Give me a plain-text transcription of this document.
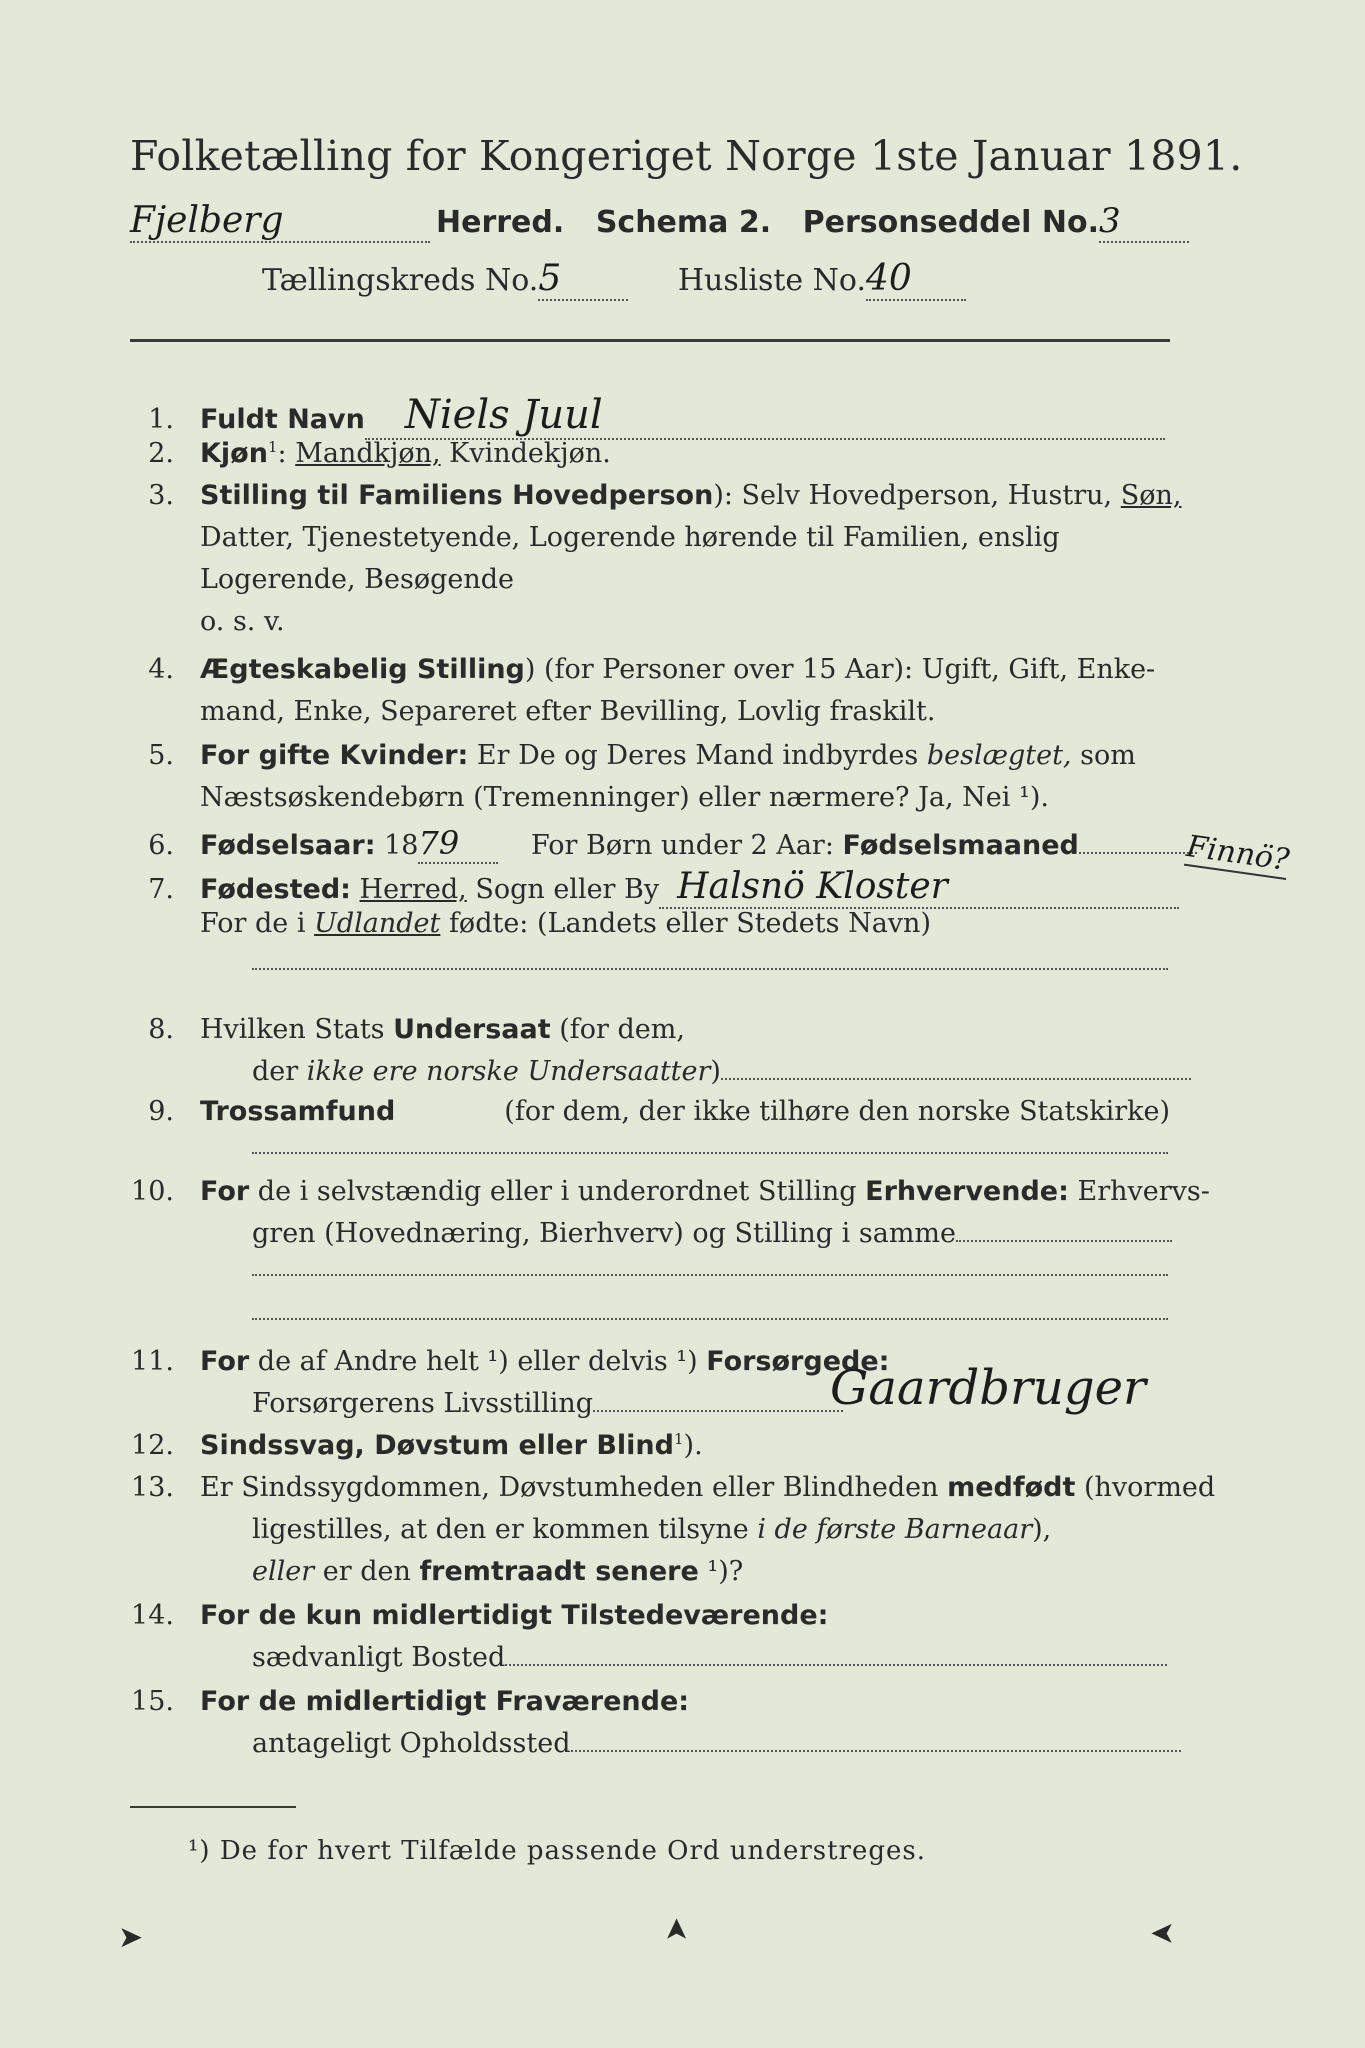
Folketælling for Kongeriget Norge 1ste Januar 1891.
Fjelberg	Herred. Schema 2. Personseddel No.3
Tællingskreds No.5	Husliste No.40
1. Fuldt Navn Niels Juul
2. Kjøn$^1$: Mandkjøn, Kvindekjøn.
3. Stilling til Familiens Hovedperson): Selv Hovedperson, Hustru, Søn,
Datter, Tjenestetyende, Logerende hørende til Familien, enslig
Logerende, Besøgende
o. s. v.
4. Ægteskabelig Stilling) (for Personer over 15 Aar): Ugift, Gift, Enke-
mand, Enke, Separeret efter Bevilling, Lovlig fraskilt.
5. For gifte Kvinder: Er De og Deres Mand indbyrdes beslægtet, som
Næstsøskendebørn (Tremenninger) eller nærmere? Ja, Nei ¹).
6. Fødselsaar: 1879	For Børn under 2 Aar: Fødselsmaaned
7. Fødested: Herred, Sogn eller By Halsnö Kloster
Finnö?
For de i Udlandet fødte: (Landets eller Stedets Navn)
8. Hvilken Stats Undersaat (for dem,
der ikke ere norske Undersaatter)
9. Trossamfund	(for dem, der ikke tilhøre den norske Statskirke)
10. For de i selvstændig eller i underordnet Stilling Erhvervende: Erhvervs-
gren (Hovednæring, Bierhverv) og Stilling i samme
11. For de af Andre helt ¹) eller delvis ¹) Forsørgede:
Forsørgerens Livsstilling	Gaardbruger
12. Sindssvag, Døvstum eller Blind$^1$).
13. Er Sindssygdommen, Døvstumheden eller Blindheden medfødt (hvormed
ligestilles, at den er kommen tilsyne i de første Barneaar),
eller er den fremtraadt senere ¹)?
14. For de kun midlertidigt Tilstedeværende:
sædvanligt Bosted
15. For de midlertidigt Fraværende:
antageligt Opholdssted
¹) De for hvert Tilfælde passende Ord understreges.
➤	➤	➤
